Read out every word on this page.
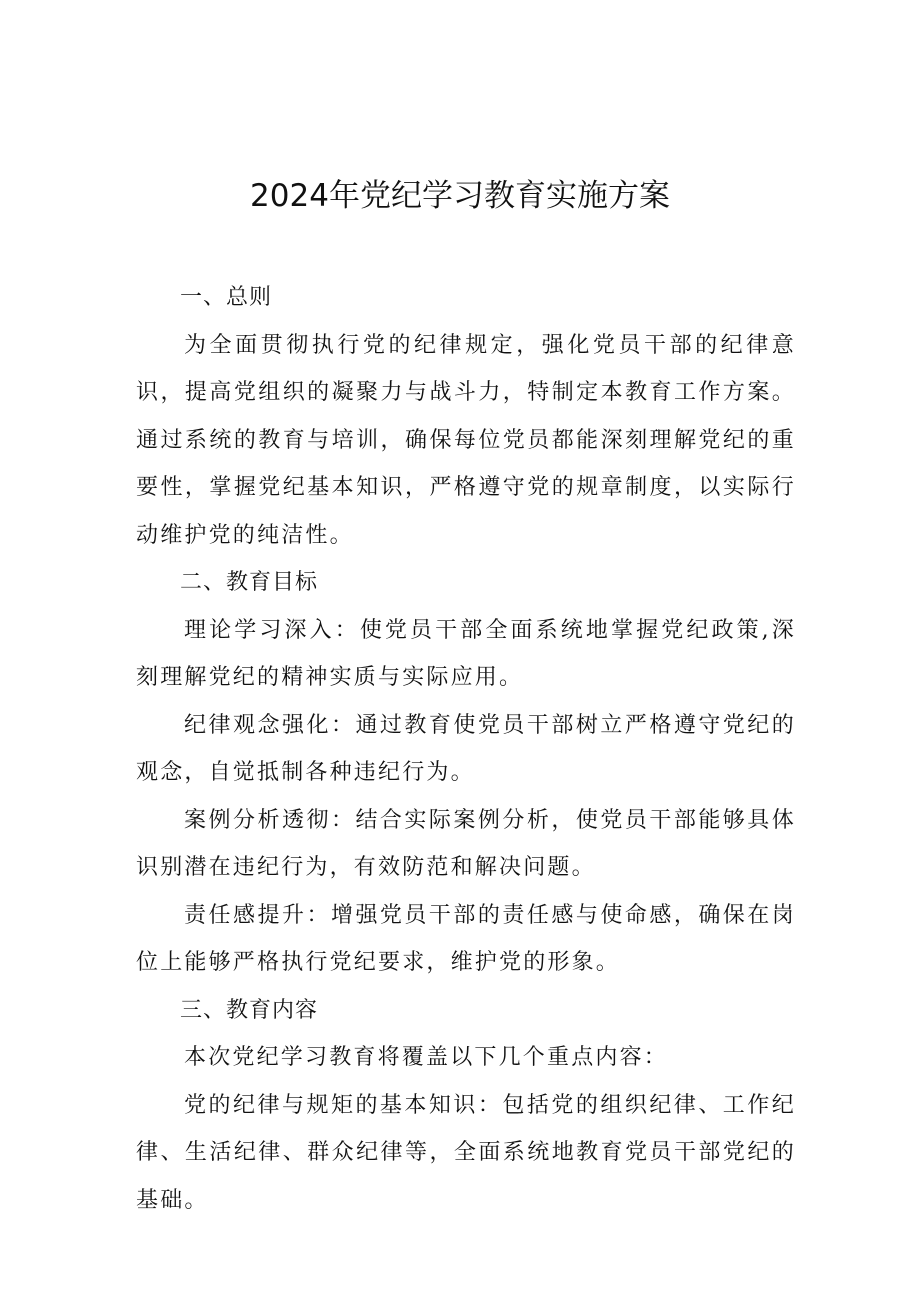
2024年党纪学习教育实施方案
一、总则

为全面贯彻执行党的纪律规定，强化党员干部的纪律意识，提高党组织的凝聚力与战斗力，特制定本教育工作方案。通过系统的教育与培训，确保每位党员都能深刻理解党纪的重要性，掌握党纪基本知识，严格遵守党的规章制度，以实际行动维护党的纯洁性。

二、教育目标

理论学习深入：使党员干部全面系统地掌握党纪政策,深刻理解党纪的精神实质与实际应用。

纪律观念强化：通过教育使党员干部树立严格遵守党纪的观念，自觉抵制各种违纪行为。

案例分析透彻：结合实际案例分析，使党员干部能够具体识别潜在违纪行为，有效防范和解决问题。

责任感提升：增强党员干部的责任感与使命感，确保在岗位上能够严格执行党纪要求，维护党的形象。

三、教育内容

本次党纪学习教育将覆盖以下几个重点内容：

党的纪律与规矩的基本知识：包括党的组织纪律、工作纪律、生活纪律、群众纪律等，全面系统地教育党员干部党纪的基础。
